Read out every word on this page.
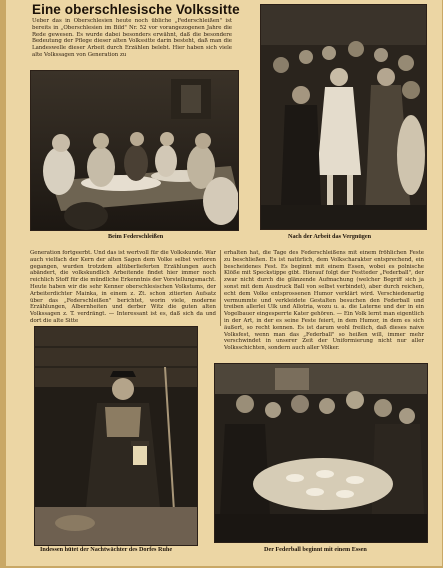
Eine oberschlesische Volkssitte

Ueber das in Oberschlesien heute noch übliche „Federschleißen" ist bereits in „Oberschlesien im Bild" Nr. 52 vor vorangezogenen Jahre die Rede gewesen. Es wurde dabei besonders erwähnt, daß die besondere Bedeutung der Pflege dieser alten Volkssitte darin besteht, daß man die Landeswelle dieser Arbeit durch Erzählen belebt. Hier haben sich viele alte Volkssagen von Generation zu

Beim Federschleißen	Nach der Arbeit das Vergnügen

Generation fortgeerbt. Und das ist wertvoll für die Volkskunde. War auch vielfach der Kern der alten Sagen dem Volke selbst verloren gegangen, wurden trotzdem altüberlieferten Erzählungen auch abändert, die volkskundlich Arbeitende findet hier immer noch reichlich Stoff für die mündliche Erkenntnis der Vorstellungsmacht. Heute haben wir die sehr Kenner oberschlesischen Volkstums, der Arbeiterdichter Mainka, in einem z. Zt. schon zitierten Aufsatz über das „Federschleißen" berichtet, worin viele, moderne Erzählungen, Albernheiten und derber Witz die guten alten Volkssagen z. T. verdrängt. — Interessant ist es, daß sich da und dort die alte Sitte

erhalten hat, die Tage des Federschleißens mit einem fröhlichen Feste zu beschließen. Es ist natürlich, dem Volkscharakter entsprechend, ein bescheidenes Fest. Es beginnt mit einem Essen, wobei es polnische Klöße mit Speckstippe gibt. Hierauf folgt der Festteder „Federball", der zwar nicht durch die glänzende Aufmachung (welcher Begriff sich ja sonst mit dem Ausdruck Ball von selbst verbindet), aber durch reichen, echt dem Volke entsprossenen Humor verklärt wird. Verschiedenartig vermummte und verkleidete Gestalten besuchen den Federball und treiben allerlei Ulk und Allotria, wozu u. a. die Laterne und der in ein Vogelbauer eingesperrte Kater gehören. — Ein Volk lernt man eigentlich in der Art, in der es seine Feste feiert, in dem Humor, in dem es sich äußert, so recht kennen. Es ist darum wohl freilich, daß dieses naive Volksfest, wenn man das „Federball" so heißen will, immer mehr verschwindet in unserer Zeit der Uniformierung nicht nur aller Volksschichten, sondern auch aller Völker.

Indessen hütet der Nachtwächter des Dorfes Ruhe	Der Federball beginnt mit einem Essen
